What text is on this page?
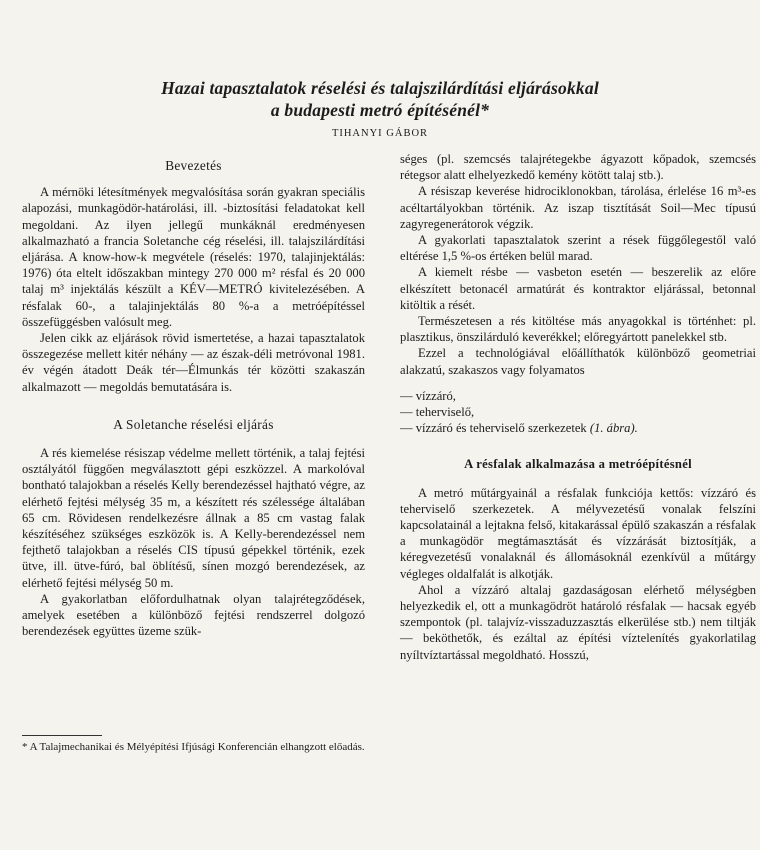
Hazai tapasztalatok réselési és talajszilárdítási eljárásokkal
a budapesti metró építésénél*
TIHANYI GÁBOR
Bevezetés

A mérnöki létesítmények megvalósítása során gyakran speciális alapozási, munkagödör-határolási, ill. -biztosítási feladatokat kell megoldani. Az ilyen jellegű munkáknál eredményesen alkalmazható a francia Soletanche cég réselési, ill. talajszilárdítási eljárása. A know-how-k megvétele (réselés: 1970, talajinjektálás: 1976) óta eltelt időszakban mintegy 270 000 m² résfal és 20 000 talaj m³ injektálás készült a KÉV—METRÓ kivitelezésében. A résfalak 60-, a talajinjektálás 80 %-a a metróépítéssel összefüggésben valósult meg.

Jelen cikk az eljárások rövid ismertetése, a hazai tapasztalatok összegezése mellett kitér néhány — az észak-déli metróvonal 1981. év végén átadott Deák tér—Élmunkás tér közötti szakaszán alkalmazott — megoldás bemutatására is.

A Soletanche réselési eljárás

A rés kiemelése résiszap védelme mellett történik, a talaj fejtési osztályától függően megválasztott gépi eszközzel. A markolóval bontható talajokban a réselés Kelly berendezéssel hajtható végre, az elérhető fejtési mélység 35 m, a készített rés szélessége általában 65 cm. Rövidesen rendelkezésre állnak a 85 cm vastag falak készítéséhez szükséges eszközök is. A Kelly-berendezéssel nem fejthető talajokban a réselés CIS típusú gépekkel történik, ezek ütve, ill. ütve-fúró, bal öblítésű, sínen mozgó berendezések, az elérhető fejtési mélység 50 m.

A gyakorlatban előfordulhatnak olyan talajrétegződések, amelyek esetében a különböző fejtési rendszerrel dolgozó berendezések együttes üzeme szük-

* A Talajmechanikai és Mélyépítési Ifjúsági Konferencián elhangzott előadás.

séges (pl. szemcsés talajrétegekbe ágyazott kőpadok, szemcsés rétegsor alatt elhelyezkedő kemény kötött talaj stb.).

A résiszap keverése hidrociklonokban, tárolása, érlelése 16 m³-es acéltartályokban történik. Az iszap tisztítását Soil—Mec típusú zagyregenerátorok végzik.

A gyakorlati tapasztalatok szerint a rések függőlegestől való eltérése 1,5 %-os értéken belül marad.

A kiemelt résbe — vasbeton esetén — beszerelik az előre elkészített betonacél armatúrát és kontraktor eljárással, betonnal kitöltik a rését.

Természetesen a rés kitöltése más anyagokkal is történhet: pl. plasztikus, önszilárduló keverékkel; előregyártott panelekkel stb.

Ezzel a technológiával előállíthatók különböző geometriai alakzatú, szakaszos vagy folyamatos

— vízzáró,
— teherviselő,
— vízzáró és teherviselő szerkezetek (1. ábra).
A résfalak alkalmazása a metróépítésnél

A metró műtárgyainál a résfalak funkciója kettős: vízzáró és teherviselő szerkezetek. A mélyvezetésű vonalak felszíni kapcsolatainál a lejtakna felső, kitakarással épülő szakaszán a résfalak a munkagödör megtámasztását és vízzárását biztosítják, a kéregvezetésű vonalaknál és állomásoknál ezenkívül a műtárgy végleges oldalfalát is alkotják.

Ahol a vízzáró altalaj gazdaságosan elérhető mélységben helyezkedik el, ott a munkagödröt határoló résfalak — hacsak egyéb szempontok (pl. talajvíz-visszaduzzasztás elkerülése stb.) nem tiltják — beköthetők, és ezáltal az építési víztelenítés gyakorlatilag nyíltvíztartással megoldható. Hosszú,
